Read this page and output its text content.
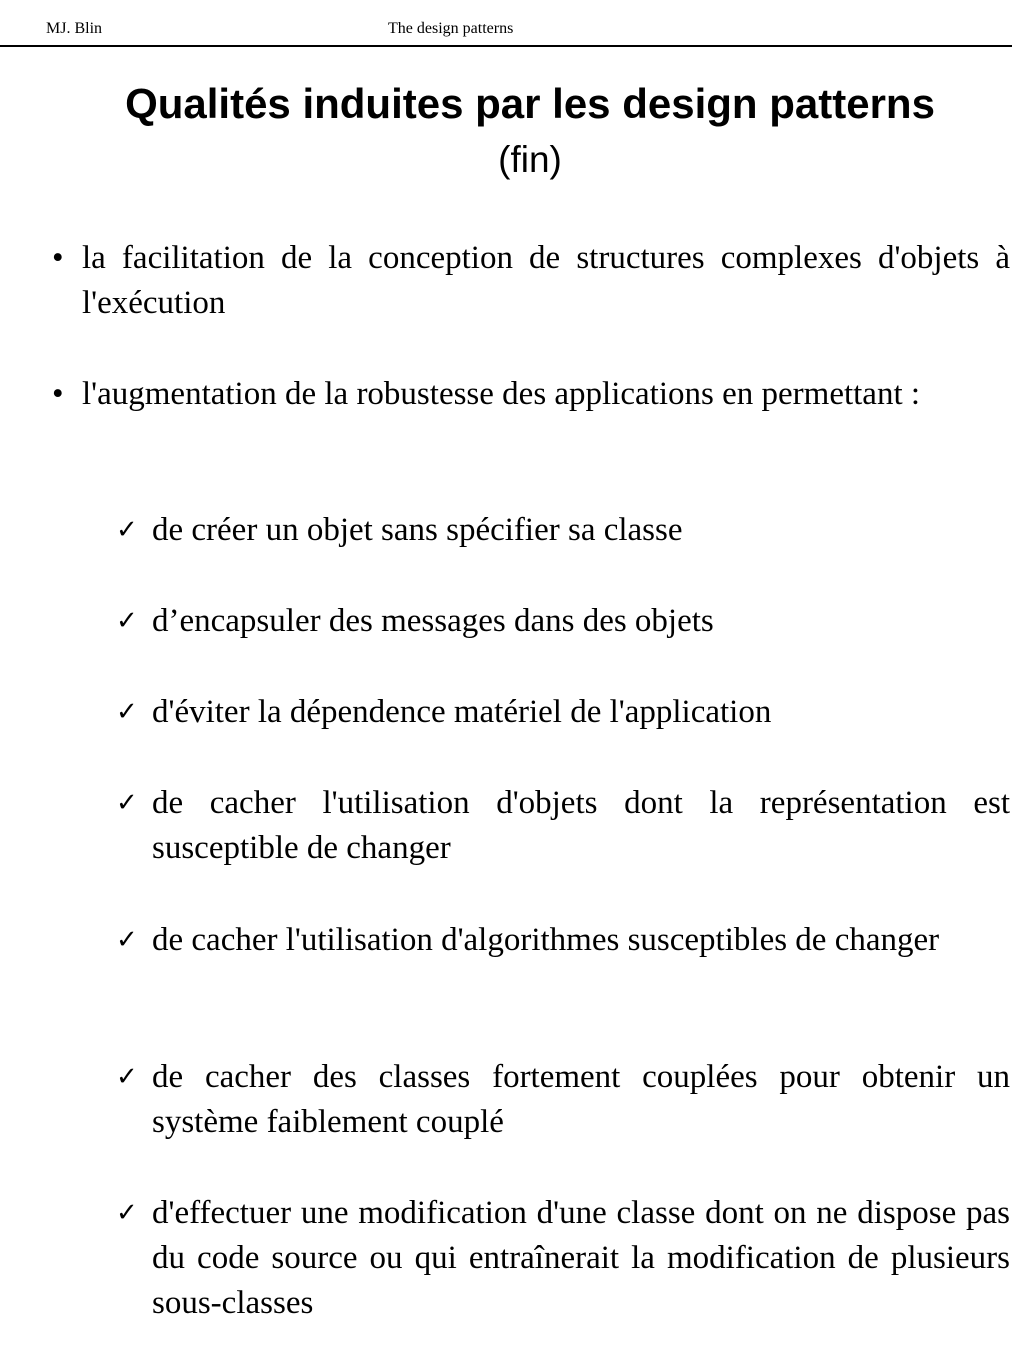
MJ. Blin	The design patterns
Qualités induites par les design patterns
(fin)
• la facilitation de la conception de structures complexes d'objets à l'exécution
• l'augmentation de la robustesse des applications en permettant :
✓ de créer un objet sans spécifier sa classe
✓ d’encapsuler des messages dans des objets
✓ d'éviter la dépendence matériel de l'application
✓ de cacher l'utilisation d'objets dont la représentation est susceptible de changer
✓ de cacher l'utilisation d'algorithmes susceptibles de changer
✓ de cacher des classes fortement couplées pour obtenir un système faiblement couplé
✓ d'effectuer une modification d'une classe dont on ne dispose pas du code source ou qui entraînerait la modification de plusieurs sous-classes
